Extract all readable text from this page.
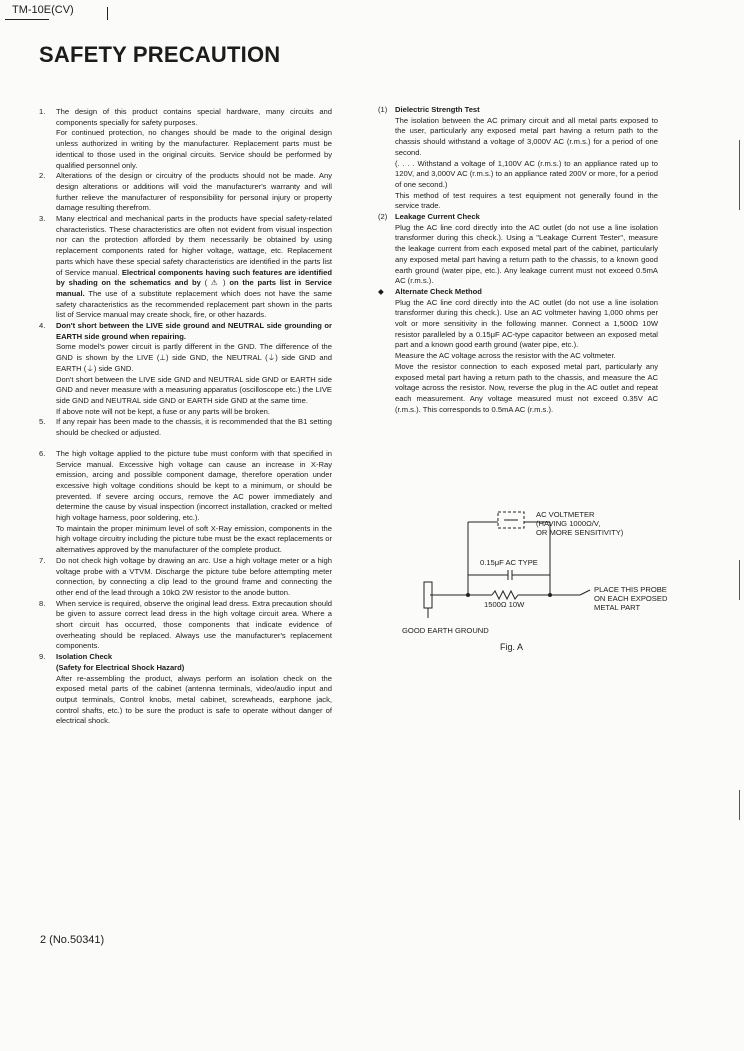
TM-10E(CV)
SAFETY PRECAUTION
1. The design of this product contains special hardware, many circuits and components specially for safety purposes.

For continued protection, no changes should be made to the original design unless authorized in writing by the manufacturer. Replacement parts must be identical to those used in the original circuits. Service should be performed by qualified personnel only.

2. Alterations of the design or circuitry of the products should not be made. Any design alterations or additions will void the manufacturer's warranty and will further relieve the manufacturer of responsibility for personal injury or property damage resulting therefrom.

3. Many electrical and mechanical parts in the products have special safety-related characteristics. These characteristics are often not evident from visual inspection nor can the protection afforded by them necessarily be obtained by using replacement components rated for higher voltage, wattage, etc. Replacement parts which have these special safety characteristics are identified in the parts list of Service manual. Electrical components having such features are identified by shading on the schematics and by ( ⚠ ) on the parts list in Service manual. The use of a substitute replacement which does not have the same safety characteristics as the recommended replacement part shown in the parts list of Service manual may create shock, fire, or other hazards.

4. Don't short between the LIVE side ground and NEUTRAL side grounding or EARTH side ground when repairing.

Some model's power circuit is partly different in the GND. The difference of the GND is shown by the LIVE (⊥) side GND, the NEUTRAL (⏚) side GND and EARTH (⏚) side GND.

Don't short between the LIVE side GND and NEUTRAL side GND or EARTH side GND and never measure with a measuring apparatus (oscilloscope etc.) the LIVE side GND and NEUTRAL side GND or EARTH side GND at the same time.

If above note will not be kept, a fuse or any parts will be broken.

5. If any repair has been made to the chassis, it is recommended that the B1 setting should be checked or adjusted.

6. The high voltage applied to the picture tube must conform with that specified in Service manual. Excessive high voltage can cause an increase in X-Ray emission, arcing and possible component damage, therefore operation under excessive high voltage conditions should be kept to a minimum, or should be prevented. If severe arcing occurs, remove the AC power immediately and determine the cause by visual inspection (incorrect installation, cracked or melted high voltage harness, poor soldering, etc.).

To maintain the proper minimum level of soft X-Ray emission, components in the high voltage circuitry including the picture tube must be the exact replacements or alternatives approved by the manufacturer of the complete product.

7. Do not check high voltage by drawing an arc. Use a high voltage meter or a high voltage probe with a VTVM. Discharge the picture tube before attempting meter connection, by connecting a clip lead to the ground frame and connecting the other end of the lead through a 10kΩ 2W resistor to the anode button.

8. When service is required, observe the original lead dress. Extra precaution should be given to assure correct lead dress in the high voltage circuit area. Where a short circuit has occurred, those components that indicate evidence of overheating should be replaced. Always use the manufacturer's replacement components.

9. Isolation Check

(Safety for Electrical Shock Hazard)

After re-assembling the product, always perform an isolation check on the exposed metal parts of the cabinet (antenna terminals, video/audio input and output terminals, Control knobs, metal cabinet, screwheads, earphone jack, control shafts, etc.) to be sure the product is safe to operate without danger of electrical shock.

(1) Dielectric Strength Test

The isolation between the AC primary circuit and all metal parts exposed to the user, particularly any exposed metal part having a return path to the chassis should withstand a voltage of 3,000V AC (r.m.s.) for a period of one second.

(. . . . Withstand a voltage of 1,100V AC (r.m.s.) to an appliance rated up to 120V, and 3,000V AC (r.m.s.) to an appliance rated 200V or more, for a period of one second.)

This method of test requires a test equipment not generally found in the service trade.

(2) Leakage Current Check

Plug the AC line cord directly into the AC outlet (do not use a line isolation transformer during this check.). Using a "Leakage Current Tester", measure the leakage current from each exposed metal part of the cabinet, particularly any exposed metal part having a return path to the chassis, to a known good earth ground (water pipe, etc.). Any leakage current must not exceed 0.5mA AC (r.m.s.).

◆ Alternate Check Method

Plug the AC line cord directly into the AC outlet (do not use a line isolation transformer during this check.). Use an AC voltmeter having 1,000 ohms per volt or more sensitivity in the following manner. Connect a 1,500Ω 10W resistor paralleled by a 0.15μF AC-type capacitor between an exposed metal part and a known good earth ground (water pipe, etc.).

Measure the AC voltage across the resistor with the AC voltmeter.

Move the resistor connection to each exposed metal part, particularly any exposed metal part having a return path to the chassis, and measure the AC voltage across the resistor. Now, reverse the plug in the AC outlet and repeat each measurement. Any voltage measured must not exceed 0.35V AC (r.m.s.). This corresponds to 0.5mA AC (r.m.s.).

AC VOLTMETER
(HAVING 1000Ω/V,
OR MORE SENSITIVITY)
0.15μF AC TYPE
1500Ω 10W
PLACE THIS PROBE
ON EACH EXPOSED
METAL PART
GOOD EARTH GROUND
Fig. A
2 (No.50341)
